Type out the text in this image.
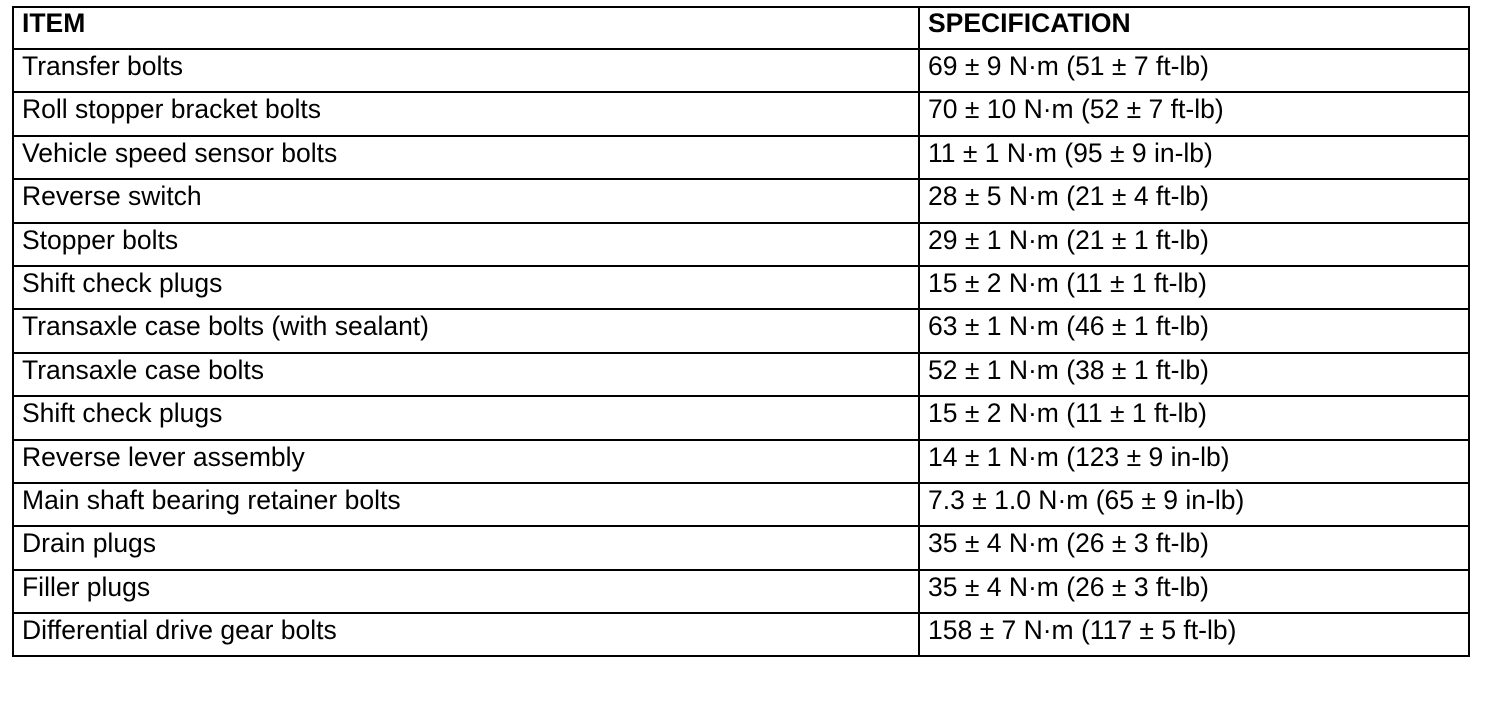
ITEM	SPECIFICATION
Transfer bolts	69 ± 9 N·m (51 ± 7 ft-lb)
Roll stopper bracket bolts	70 ± 10 N·m (52 ± 7 ft-lb)
Vehicle speed sensor bolts	11 ± 1 N·m (95 ± 9 in-lb)
Reverse switch	28 ± 5 N·m (21 ± 4 ft-lb)
Stopper bolts	29 ± 1 N·m (21 ± 1 ft-lb)
Shift check plugs	15 ± 2 N·m (11 ± 1 ft-lb)
Transaxle case bolts (with sealant)	63 ± 1 N·m (46 ± 1 ft-lb)
Transaxle case bolts	52 ± 1 N·m (38 ± 1 ft-lb)
Shift check plugs	15 ± 2 N·m (11 ± 1 ft-lb)
Reverse lever assembly	14 ± 1 N·m (123 ± 9 in-lb)
Main shaft bearing retainer bolts	7.3 ± 1.0 N·m (65 ± 9 in-lb)
Drain plugs	35 ± 4 N·m (26 ± 3 ft-lb)
Filler plugs	35 ± 4 N·m (26 ± 3 ft-lb)
Differential drive gear bolts	158 ± 7 N·m (117 ± 5 ft-lb)
